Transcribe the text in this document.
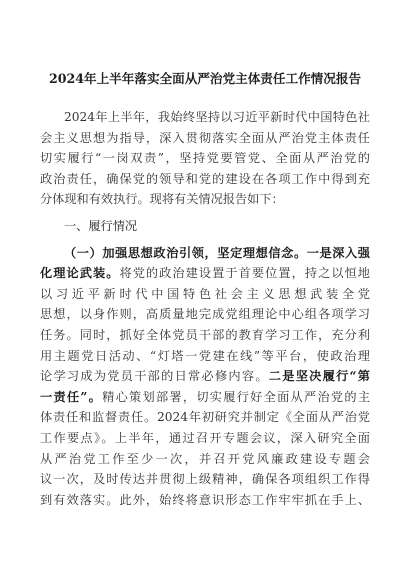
2024年上半年落实全面从严治党主体责任工作情况报告
2024年上半年，我始终坚持以习近平新时代中国特色社
会主义思想为指导，深入贯彻落实全面从严治党主体责任
切实履行“一岗双责”，坚持党要管党、全面从严治党的
政治责任，确保党的领导和党的建设在各项工作中得到充
分体现和有效执行。现将有关情况报告如下：
一、履行情况
（一）加强思想政治引领，坚定理想信念。一是深入强
化理论武装。将党的政治建设置于首要位置，持之以恒地
以习近平新时代中国特色社会主义思想武装全党
思想，以身作则，高质量地完成党组理论中心组各项学习
任务。同时，抓好全体党员干部的教育学习工作，充分利
用主题党日活动、“灯塔一党建在线”等平台，使政治理
论学习成为党员干部的日常必修内容。二是坚决履行“第
一责任”。精心策划部署，切实履行好全面从严治党的主
体责任和监督责任。2024年初研究并制定《全面从严治党
工作要点》。上半年，通过召开专题会议，深入研究全面
从严治党工作至少一次，并召开党风廉政建设专题会
议一次，及时传达并贯彻上级精神，确保各项组织工作得
到有效落实。此外，始终将意识形态工作牢牢抓在手上、
